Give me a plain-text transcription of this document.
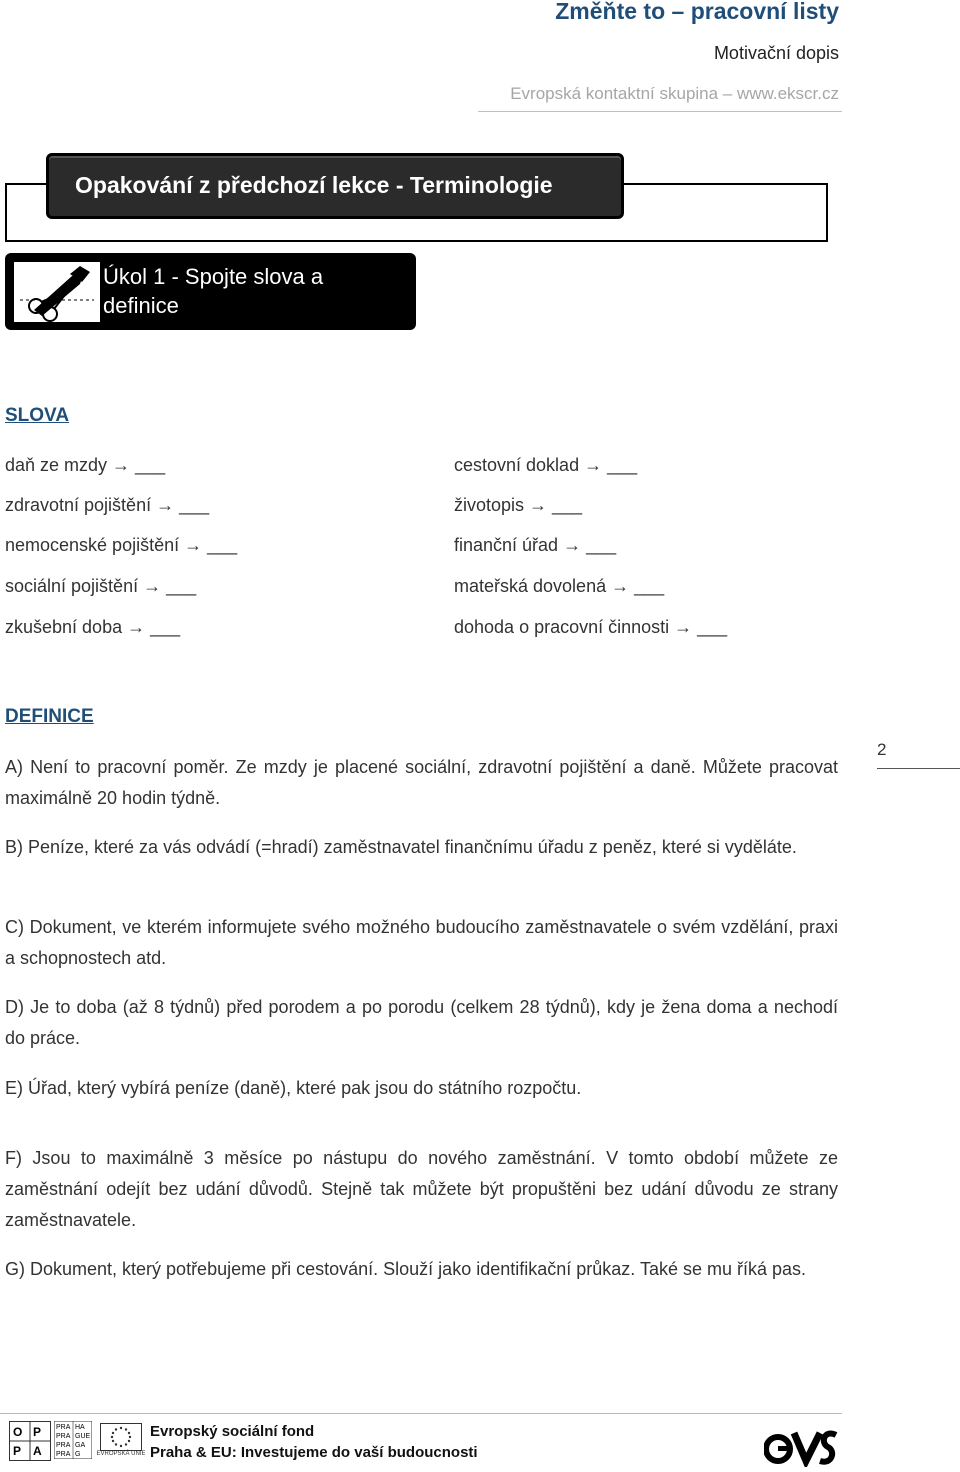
Změňte to – pracovní listy
Motivační dopis
Evropská kontaktní skupina – www.ekscr.cz
Opakování z předchozí lekce - Terminologie
Úkol 1 - Spojte slova a
definice
SLOVA
daň ze mzdy → ___
zdravotní pojištění → ___
nemocenské pojištění → ___
sociální pojištění → ___
zkušební doba → ___
cestovní doklad → ___
životopis → ___
finanční úřad → ___
mateřská dovolená → ___
dohoda o pracovní činnosti → ___
DEFINICE
A) Není to pracovní poměr. Ze mzdy je placené sociální, zdravotní pojištění a daně. Můžete pracovat maximálně 20 hodin týdně.
B) Peníze, které za vás odvádí (=hradí) zaměstnavatel finančnímu úřadu z peněz, které si vyděláte.
C) Dokument, ve kterém informujete svého možného budoucího zaměstnavatele o svém vzdělání, praxi a schopnostech atd.
D) Je to doba (až 8 týdnů) před porodem a po porodu (celkem 28 týdnů), kdy je žena doma a nechodí do práce.
E) Úřad, který vybírá peníze (daně), které pak jsou do státního rozpočtu.
F) Jsou to maximálně 3 měsíce po nástupu do nového zaměstnání. V tomto období můžete ze zaměstnání odejít bez udání důvodů. Stejně tak můžete být propuštěni bez udání důvodu ze strany zaměstnavatele.
G) Dokument, který potřebujeme při cestování. Slouží jako identifikační průkaz. Také se mu říká pas.
2
O P
P A
PRA HA
PRA GUE
PRA GA
PRA G	EVROPSKÁ UNIE
Evropský sociální fond
Praha & EU: Investujeme do vaší budoucnosti
